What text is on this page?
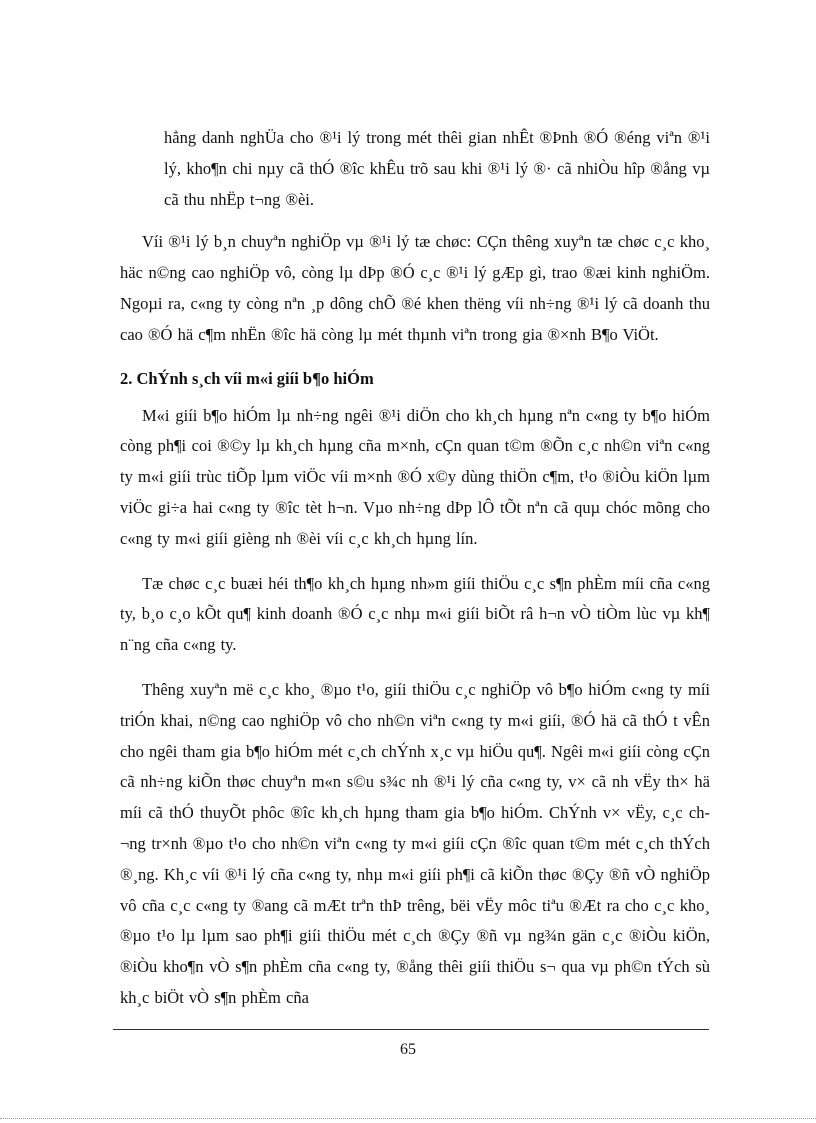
hẳng danh nghÜa cho ®¹i lý trong mét thêi gian nhÊt ®Þnh ®Ó ®éng viªn ®¹i lý, kho¶n chi nµy cã thÓ ®îc khÊu trõ sau khi ®¹i lý ®· cã nhiÒu hîp ®ång vµ cã thu nhËp t¬ng ®èi.

Víi ®¹i lý b¸n chuyªn nghiÖp vµ ®¹i lý tæ chøc: CÇn thêng xuyªn tæ chøc c¸c kho¸ häc n©ng cao nghiÖp vô, còng lµ dÞp ®Ó c¸c ®¹i lý gÆp gì, trao ®æi kinh nghiÖm. Ngoµi ra, c«ng ty còng nªn ¸p dông chÕ ®é khen thëng víi nh÷ng ®¹i lý cã doanh thu cao ®Ó hä c¶m nhËn ®îc hä còng lµ mét thµnh viªn trong gia ®×nh B¶o ViÖt.

2. ChÝnh s¸ch víi m«i giíi b¶o hiÓm

M«i giíi b¶o hiÓm lµ nh÷ng ngêi ®¹i diÖn cho kh¸ch hµng nªn c«ng ty b¶o hiÓm còng ph¶i coi ®©y lµ kh¸ch hµng cña m×nh, cÇn quan t©m ®Õn c¸c nh©n viªn c«ng ty m«i giíi trùc tiÕp lµm viÖc víi m×nh ®Ó x©y dùng thiÖn c¶m, t¹o ®iÒu kiÖn lµm viÖc gi÷a hai c«ng ty ®îc tèt h¬n. Vµo nh÷ng dÞp lÔ tÕt nªn cã quµ chóc mõng cho c«ng ty m«i giíi gièng nh ®èi víi c¸c kh¸ch hµng lín.

Tæ chøc c¸c buæi héi th¶o kh¸ch hµng nh»m giíi thiÖu c¸c s¶n phÈm míi cña c«ng ty, b¸o c¸o kÕt qu¶ kinh doanh ®Ó c¸c nhµ m«i giíi biÕt râ h¬n vÒ tiÒm lùc vµ kh¶ n¨ng cña c«ng ty.

Thêng xuyªn më c¸c kho¸ ®µo t¹o, giíi thiÖu c¸c nghiÖp vô b¶o hiÓm c«ng ty míi triÓn khai, n©ng cao nghiÖp vô cho nh©n viªn c«ng ty m«i giíi, ®Ó hä cã thÓ t vÊn cho ngêi tham gia b¶o hiÓm mét c¸ch chÝnh x¸c vµ hiÖu qu¶. Ngêi m«i giíi còng cÇn cã nh÷ng kiÕn thøc chuyªn m«n s©u s¾c nh ®¹i lý cña c«ng ty, v× cã nh vËy th× hä míi cã thÓ thuyÕt phôc ®îc kh¸ch hµng tham gia b¶o hiÓm. ChÝnh v× vËy, c¸c ch¬ng tr×nh ®µo t¹o cho nh©n viªn c«ng ty m«i giíi cÇn ®îc quan t©m mét c¸ch thÝch ®¸ng. Kh¸c víi ®¹i lý cña c«ng ty, nhµ m«i giíi ph¶i cã kiÕn thøc ®Çy ®ñ vÒ nghiÖp vô cña c¸c c«ng ty ®ang cã mÆt trªn thÞ trêng, bëi vËy môc tiªu ®Æt ra cho c¸c kho¸ ®µo t¹o lµ lµm sao ph¶i giíi thiÖu mét c¸ch ®Çy ®ñ vµ ng¾n gän c¸c ®iÒu kiÖn, ®iÒu kho¶n vÒ s¶n phÈm cña c«ng ty, ®ång thêi giíi thiÖu s¬ qua vµ ph©n tÝch sù kh¸c biÖt vÒ s¶n phÈm cña

65
